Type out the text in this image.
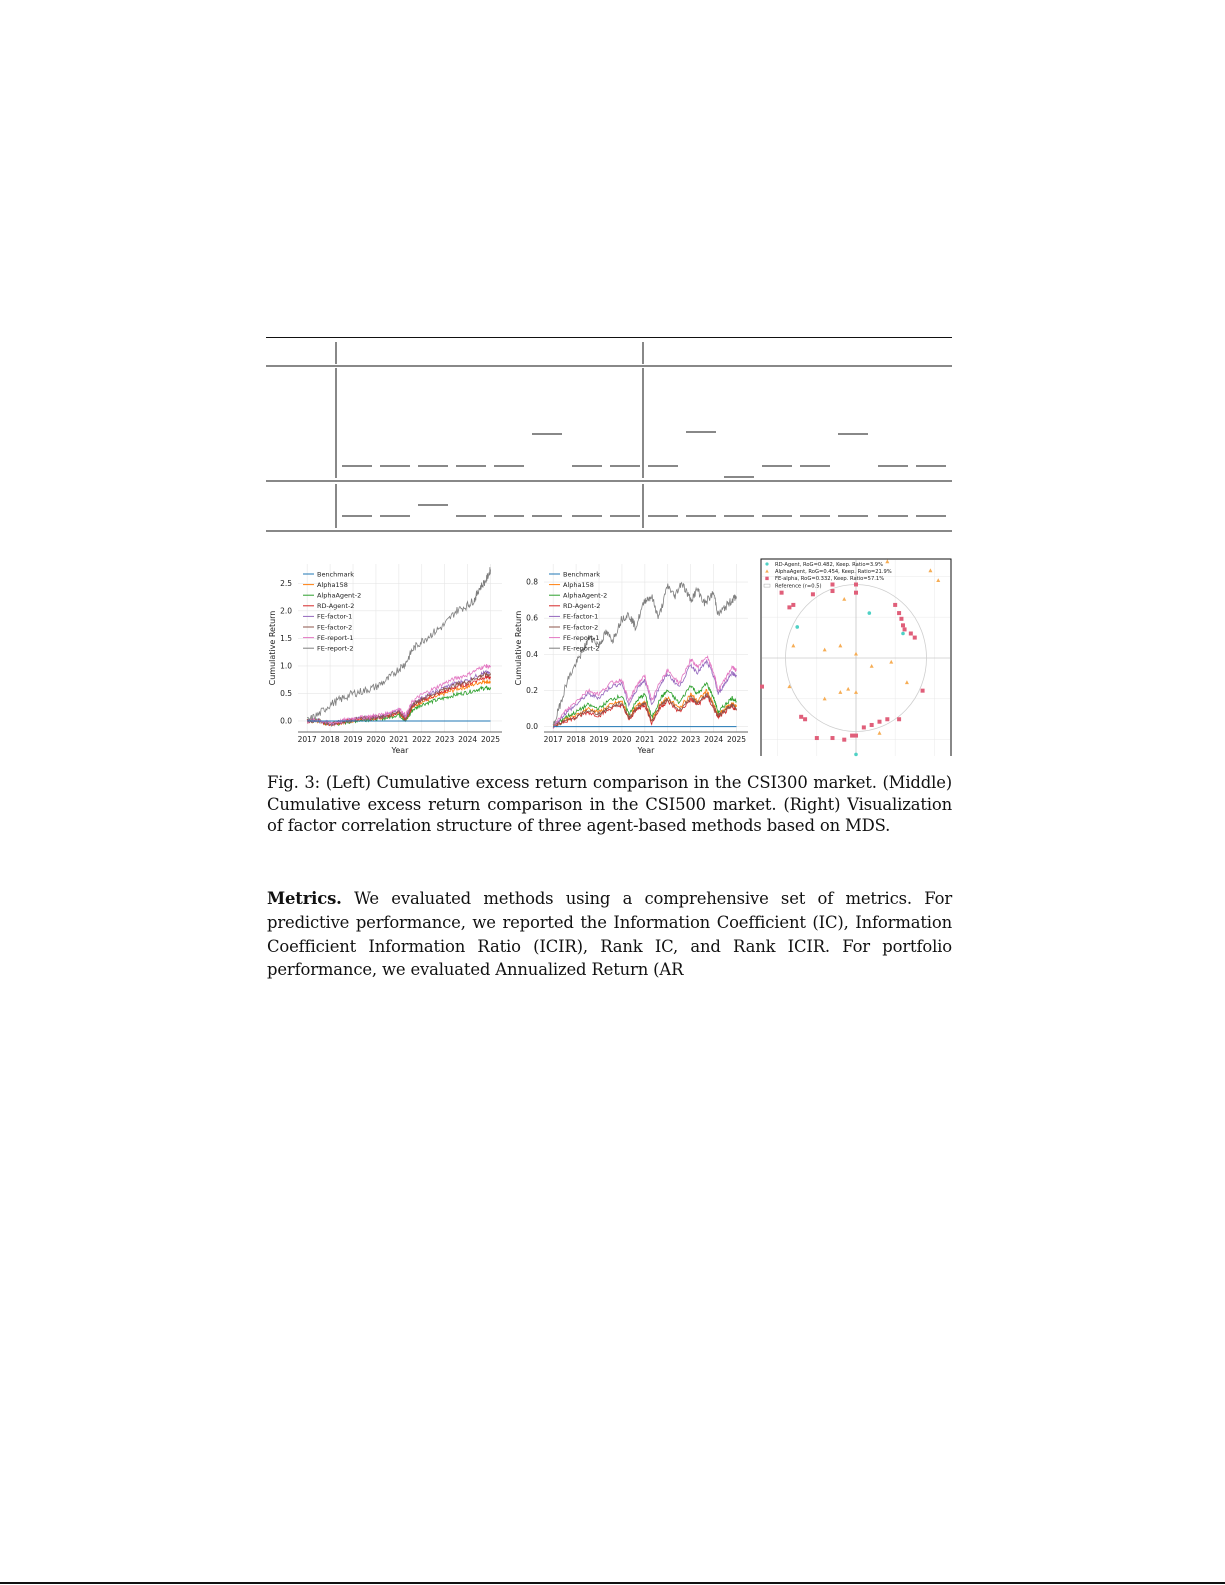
2017 2018 2019 2020 2021 2022 2023 2024 2025
0.0
0.5
1.0
1.5
2.0
2.5
Year
Cumulative Return
Benchmark
Alpha158
AlphaAgent-2
RD-Agent-2
FE-factor-1
FE-factor-2
FE-report-1
FE-report-2
2017 2018 2019 2020 2021 2022 2023 2024 2025
0.0
0.2
0.4
0.6
0.8
Year
Cumulative Return
Benchmark
Alpha158
AlphaAgent-2
RD-Agent-2
FE-factor-1
FE-factor-2
FE-report-1
FE-report-2
RD-Agent, RoG=0.482, Keep. Ratio=3.9%
AlphaAgent, RoG=0.454, Keep. Ratio=21.9%
FE-alpha, RoG=0.332, Keep. Ratio=57.1%
Reference (r=0.5)
Fig. 3: (Left) Cumulative excess return comparison in the CSI300 market. (Middle) Cumulative excess return comparison in the CSI500 market. (Right) Visualization of factor correlation structure of three agent-based methods based on MDS.
Metrics. We evaluated methods using a comprehensive set of metrics. For predictive performance, we reported the Information Coefficient (IC), Information Coefficient Information Ratio (ICIR), Rank IC, and Rank ICIR. For portfolio performance, we evaluated Annualized Return (AR
